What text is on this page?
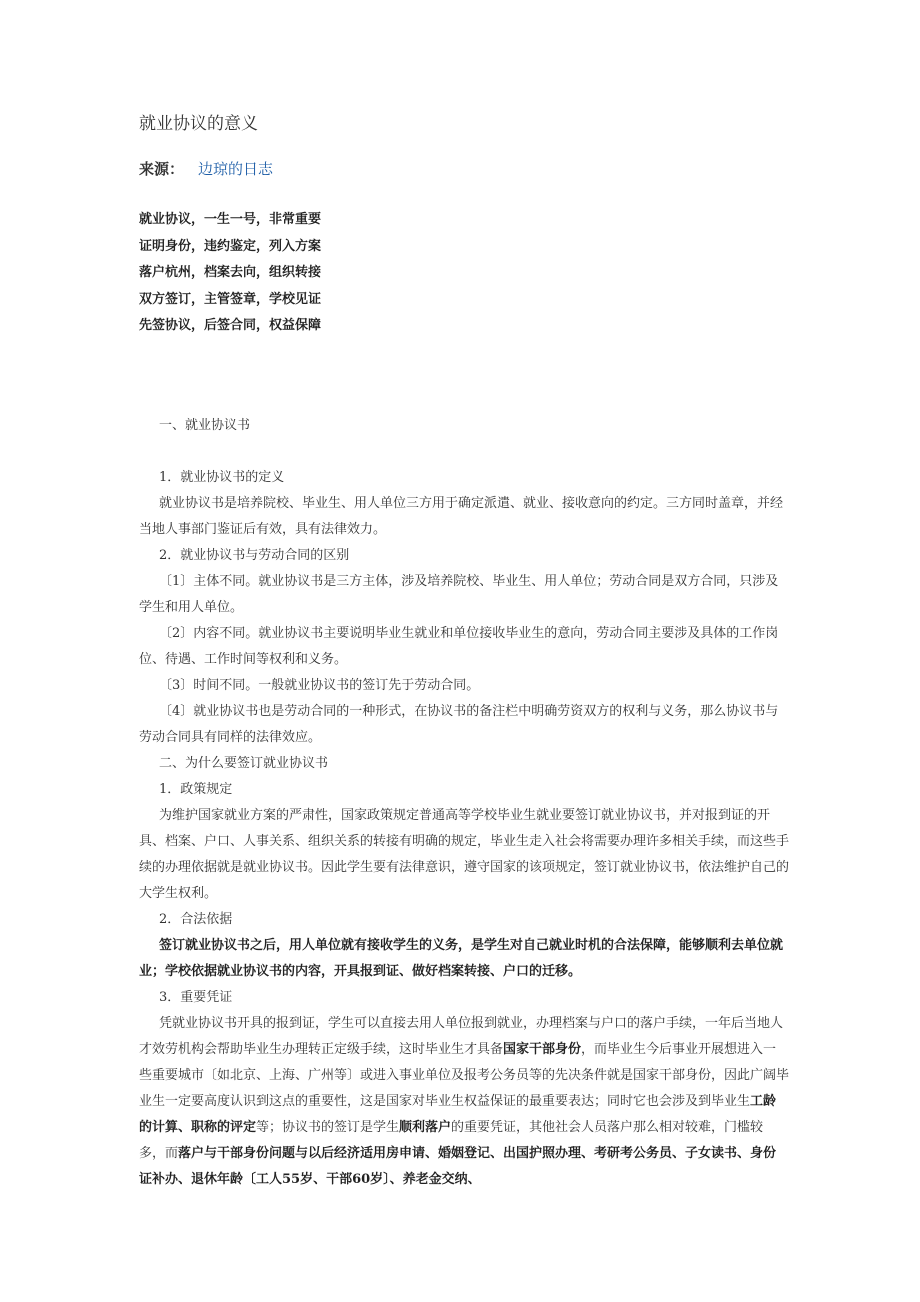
就业协议的意义
来源： 边琼的日志
就业协议，一生一号，非常重要
证明身份，违约鉴定，列入方案
落户杭州，档案去向，组织转接
双方签订，主管签章，学校见证
先签协议，后签合同，权益保障

一、就业协议书

1．就业协议书的定义

就业协议书是培养院校、毕业生、用人单位三方用于确定派遣、就业、接收意向的约定。三方同时盖章，并经当地人事部门鉴证后有效，具有法律效力。

2．就业协议书与劳动合同的区别

〔1〕主体不同。就业协议书是三方主体，涉及培养院校、毕业生、用人单位；劳动合同是双方合同，只涉及学生和用人单位。

〔2〕内容不同。就业协议书主要说明毕业生就业和单位接收毕业生的意向，劳动合同主要涉及具体的工作岗位、待遇、工作时间等权利和义务。

〔3〕时间不同。一般就业协议书的签订先于劳动合同。

〔4〕就业协议书也是劳动合同的一种形式，在协议书的备注栏中明确劳资双方的权利与义务，那么协议书与劳动合同具有同样的法律效应。

二、为什么要签订就业协议书

1．政策规定

为维护国家就业方案的严肃性，国家政策规定普通高等学校毕业生就业要签订就业协议书，并对报到证的开具、档案、户口、人事关系、组织关系的转接有明确的规定，毕业生走入社会将需要办理许多相关手续，而这些手续的办理依据就是就业协议书。因此学生要有法律意识，遵守国家的该项规定，签订就业协议书，依法维护自己的大学生权利。

2．合法依据

签订就业协议书之后，用人单位就有接收学生的义务，是学生对自己就业时机的合法保障，能够顺利去单位就业；学校依据就业协议书的内容，开具报到证、做好档案转接、户口的迁移。

3．重要凭证

凭就业协议书开具的报到证，学生可以直接去用人单位报到就业，办理档案与户口的落户手续，一年后当地人才效劳机构会帮助毕业生办理转正定级手续，这时毕业生才具备国家干部身份，而毕业生今后事业开展想进入一些重要城市〔如北京、上海、广州等〕或进入事业单位及报考公务员等的先决条件就是国家干部身份，因此广阔毕业生一定要高度认识到这点的重要性，这是国家对毕业生权益保证的最重要表达；同时它也会涉及到毕业生工龄的计算、职称的评定等；协议书的签订是学生顺利落户的重要凭证，其他社会人员落户那么相对较难，门槛较多，而落户与干部身份问题与以后经济适用房申请、婚姻登记、出国护照办理、考研考公务员、子女读书、身份证补办、退休年龄〔工人55岁、干部60岁〕、养老金交纳、
